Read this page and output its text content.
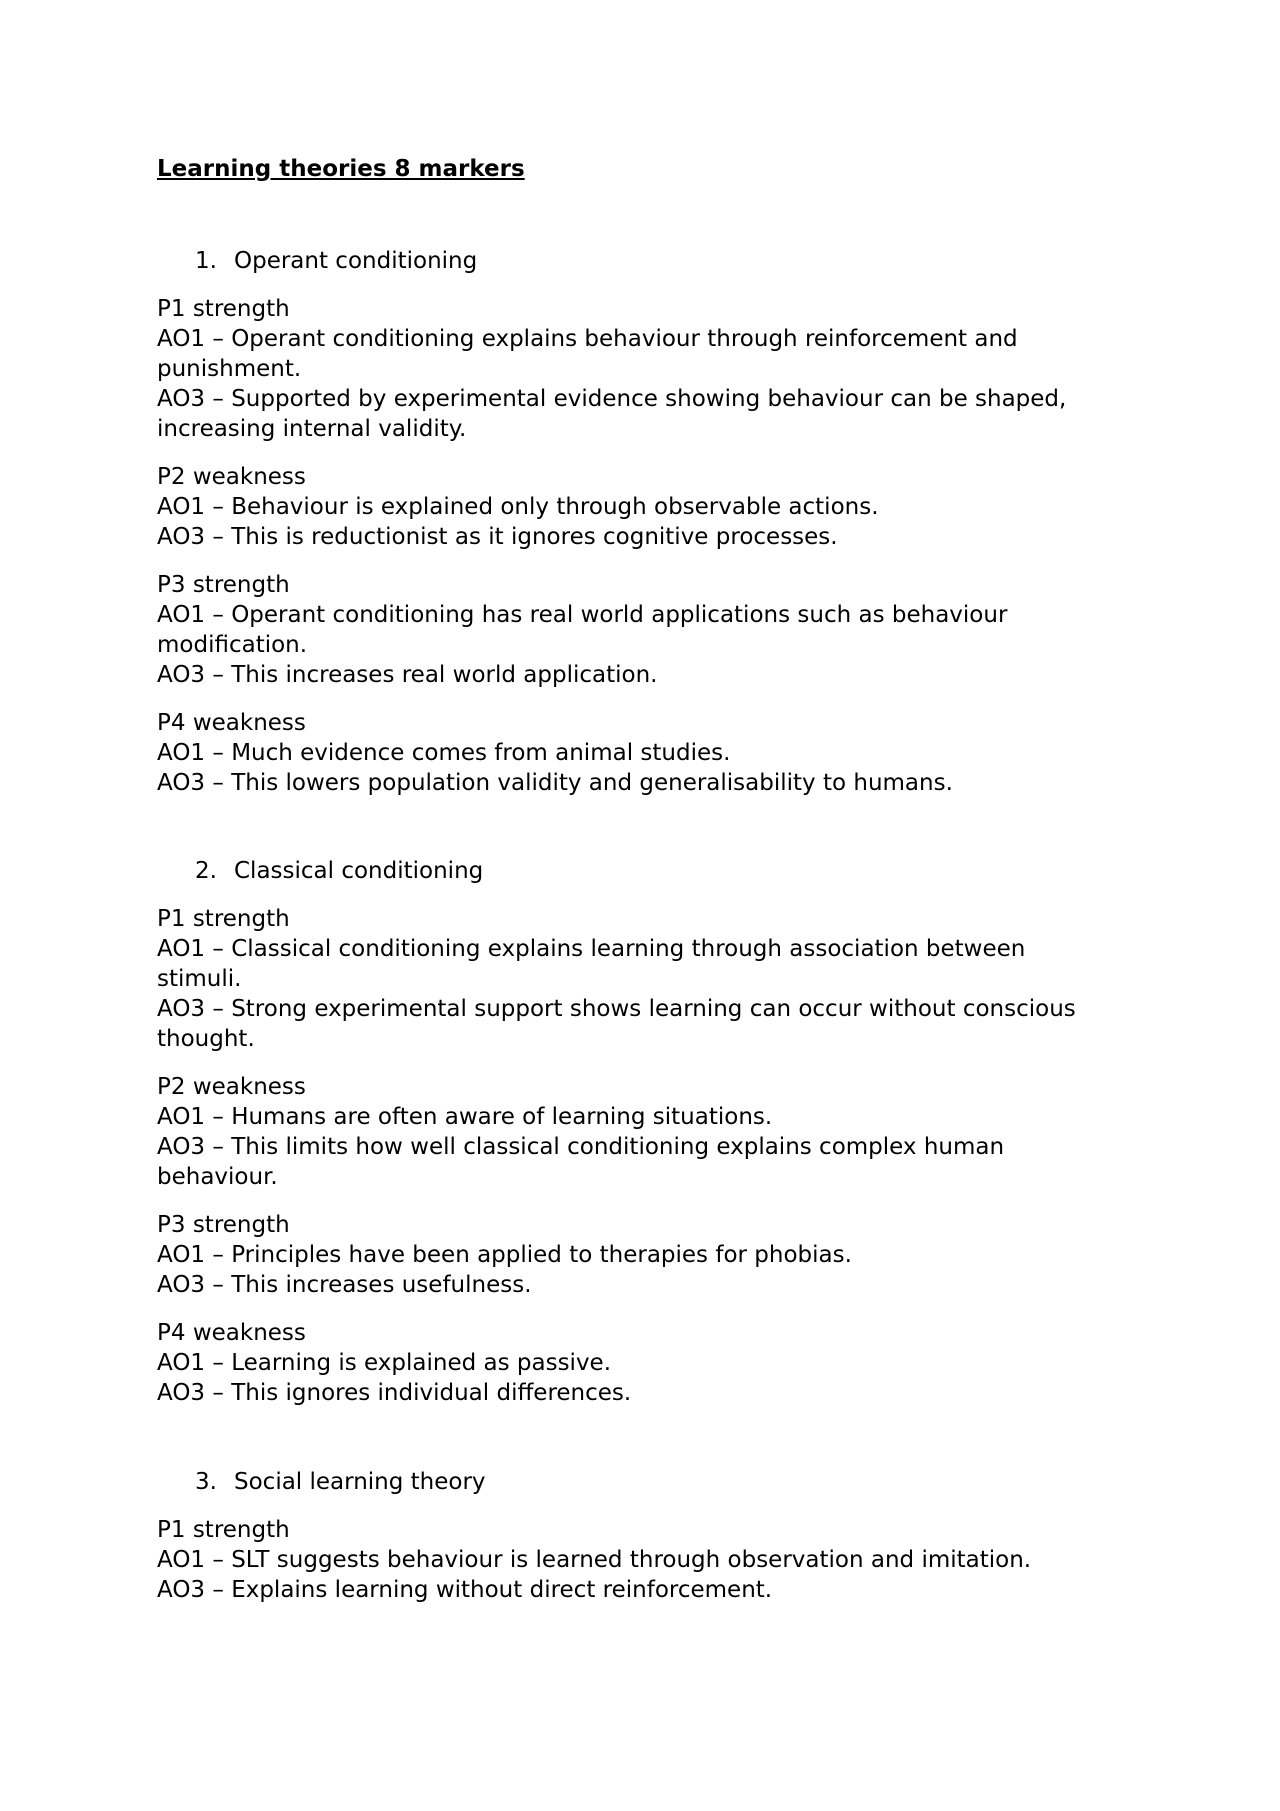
Learning theories 8 markers
1. Operant conditioning

P1 strength

AO1 – Operant conditioning explains behaviour through reinforcement and punishment.

AO3 – Supported by experimental evidence showing behaviour can be shaped, increasing internal validity.

P2 weakness

AO1 – Behaviour is explained only through observable actions.

AO3 – This is reductionist as it ignores cognitive processes.

P3 strength

AO1 – Operant conditioning has real world applications such as behaviour modification.

AO3 – This increases real world application.

P4 weakness

AO1 – Much evidence comes from animal studies.

AO3 – This lowers population validity and generalisability to humans.

2. Classical conditioning

P1 strength

AO1 – Classical conditioning explains learning through association between stimuli.

AO3 – Strong experimental support shows learning can occur without conscious thought.

P2 weakness

AO1 – Humans are often aware of learning situations.

AO3 – This limits how well classical conditioning explains complex human behaviour.

P3 strength

AO1 – Principles have been applied to therapies for phobias.

AO3 – This increases usefulness.

P4 weakness

AO1 – Learning is explained as passive.

AO3 – This ignores individual differences.

3. Social learning theory

P1 strength

AO1 – SLT suggests behaviour is learned through observation and imitation.

AO3 – Explains learning without direct reinforcement.
